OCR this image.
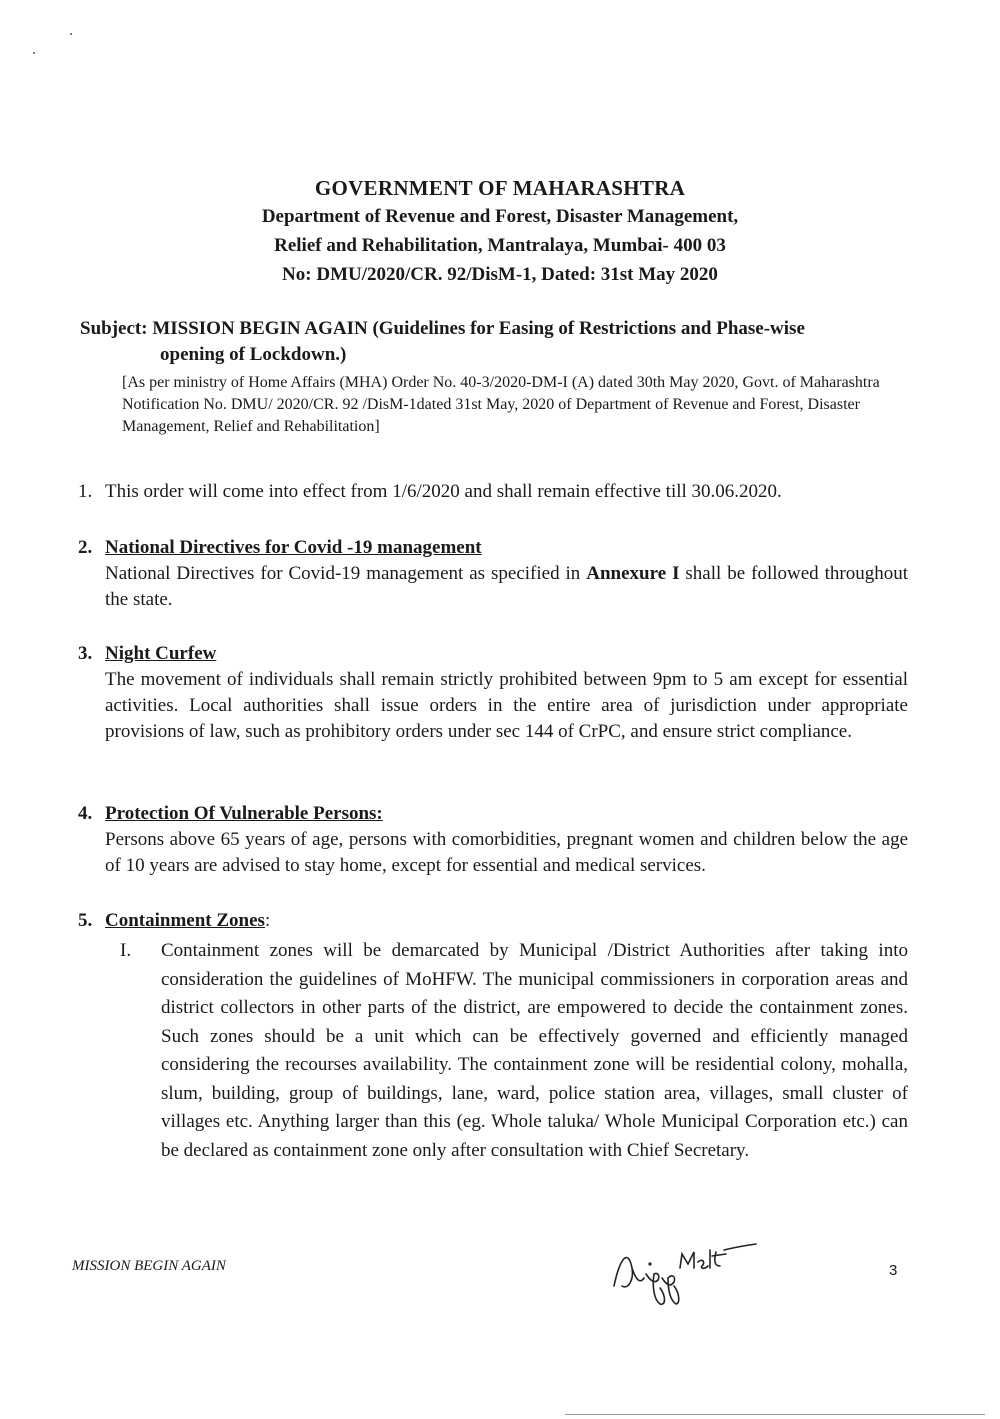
GOVERNMENT OF MAHARASHTRA
Department of Revenue and Forest, Disaster Management,
Relief and Rehabilitation, Mantralaya, Mumbai- 400 03
No: DMU/2020/CR. 92/DisM-1, Dated: 31st May 2020
Subject: MISSION BEGIN AGAIN (Guidelines for Easing of Restrictions and Phase-wise
opening of Lockdown.)
[As per ministry of Home Affairs (MHA) Order No. 40-3/2020-DM-I (A) dated 30th May 2020, Govt. of Maharashtra Notification No. DMU/ 2020/CR. 92 /DisM-1dated 31st May, 2020 of Department of Revenue and Forest, Disaster Management, Relief and Rehabilitation]
1. This order will come into effect from 1/6/2020 and shall remain effective till 30.06.2020.
2. National Directives for Covid -19 management
National Directives for Covid-19 management as specified in Annexure I shall be followed throughout the state.
3. Night Curfew
The movement of individuals shall remain strictly prohibited between 9pm to 5 am except for essential activities. Local authorities shall issue orders in the entire area of jurisdiction under appropriate provisions of law, such as prohibitory orders under sec 144 of CrPC, and ensure strict compliance.
4. Protection Of Vulnerable Persons:
Persons above 65 years of age, persons with comorbidities, pregnant women and children below the age of 10 years are advised to stay home, except for essential and medical services.
5. Containment Zones:
I. Containment zones will be demarcated by Municipal /District Authorities after taking into consideration the guidelines of MoHFW. The municipal commissioners in corporation areas and district collectors in other parts of the district, are empowered to decide the containment zones. Such zones should be a unit which can be effectively governed and efficiently managed considering the recourses availability. The containment zone will be residential colony, mohalla, slum, building, group of buildings, lane, ward, police station area, villages, small cluster of villages etc. Anything larger than this (eg. Whole taluka/ Whole Municipal Corporation etc.) can be declared as containment zone only after consultation with Chief Secretary.
MISSION BEGIN AGAIN	3
